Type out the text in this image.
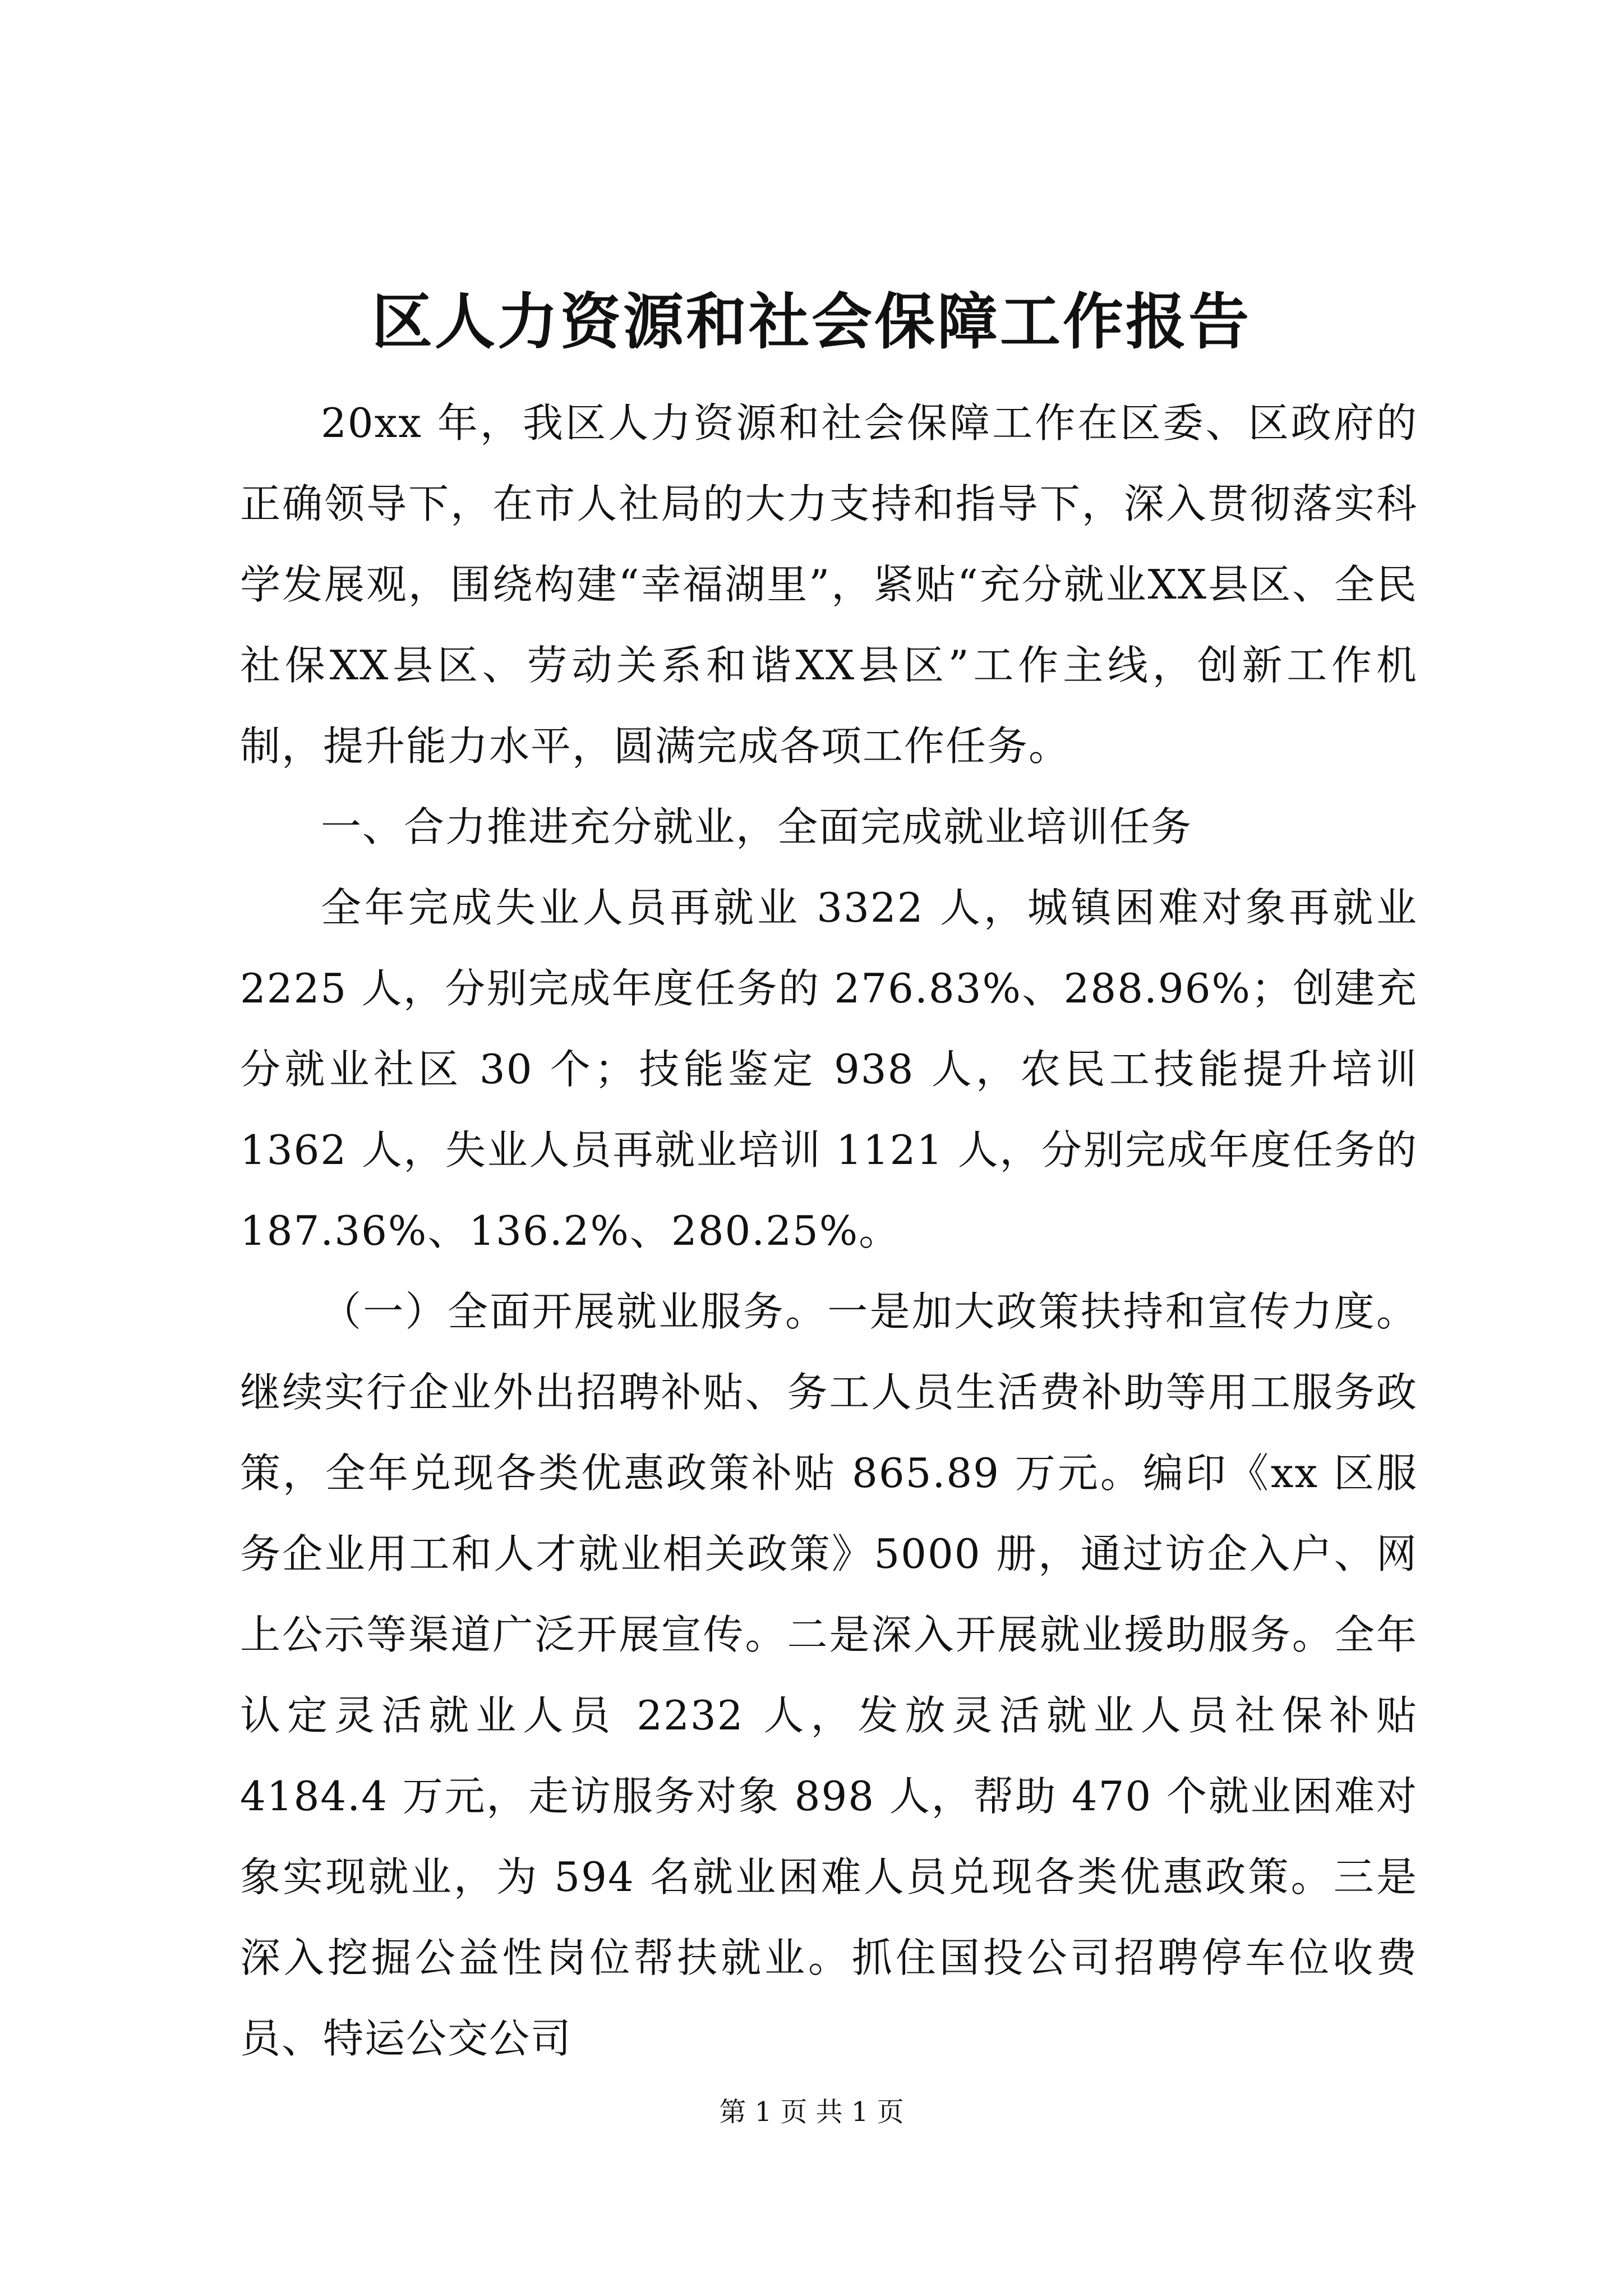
区人力资源和社会保障工作报告

20xx 年，我区人力资源和社会保障工作在区委、区政府的正确领导下，在市人社局的大力支持和指导下，深入贯彻落实科学发展观，围绕构建“幸福湖里”，紧贴“充分就业XX县区、全民社保XX县区、劳动关系和谐XX县区”工作主线，创新工作机制，提升能力水平，圆满完成各项工作任务。

一、合力推进充分就业，全面完成就业培训任务

全年完成失业人员再就业 3322 人，城镇困难对象再就业 2225 人，分别完成年度任务的 276.83%、288.96%；创建充分就业社区 30 个；技能鉴定 938 人，农民工技能提升培训 1362 人，失业人员再就业培训 1121 人，分别完成年度任务的 187.36%、136.2%、280.25%。

（一）全面开展就业服务。一是加大政策扶持和宣传力度。继续实行企业外出招聘补贴、务工人员生活费补助等用工服务政策，全年兑现各类优惠政策补贴 865.89 万元。编印《xx 区服务企业用工和人才就业相关政策》5000 册，通过访企入户、网上公示等渠道广泛开展宣传。二是深入开展就业援助服务。全年认定灵活就业人员 2232 人，发放灵活就业人员社保补贴 4184.4 万元，走访服务对象 898 人，帮助 470 个就业困难对象实现就业，为 594 名就业困难人员兑现各类优惠政策。三是深入挖掘公益性岗位帮扶就业。抓住国投公司招聘停车位收费员、特运公交公司

第 1 页 共 1 页
